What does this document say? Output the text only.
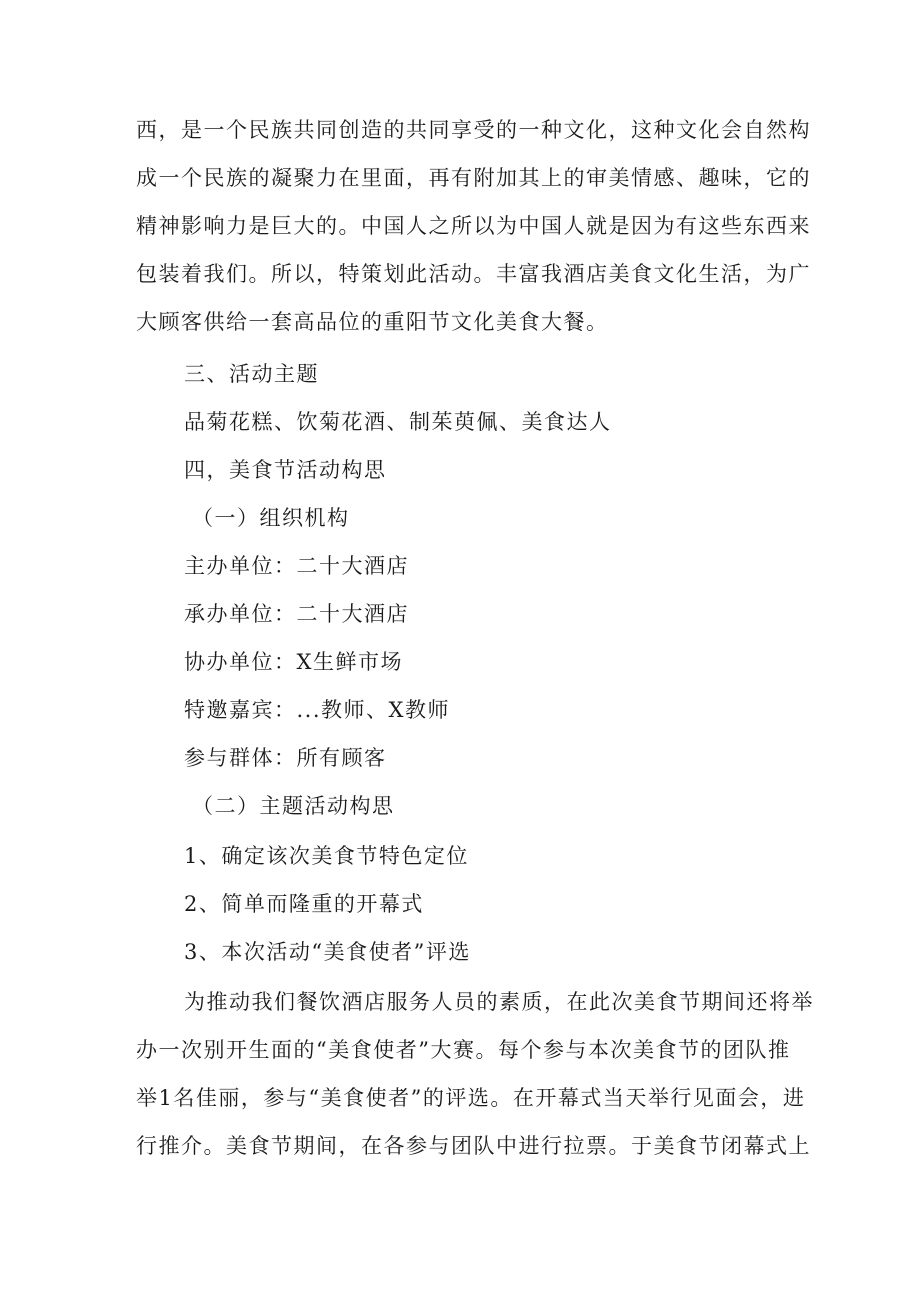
西，是一个民族共同创造的共同享受的一种文化，这种文化会自然构
成一个民族的凝聚力在里面，再有附加其上的审美情感、趣味，它的
精神影响力是巨大的。中国人之所以为中国人就是因为有这些东西来
包装着我们。所以，特策划此活动。丰富我酒店美食文化生活，为广
大顾客供给一套高品位的重阳节文化美食大餐。
三、活动主题
品菊花糕、饮菊花酒、制茱萸佩、美食达人
四，美食节活动构思
（一）组织机构
主办单位：二十大酒店
承办单位：二十大酒店
协办单位：X生鲜市场
特邀嘉宾：...教师、X教师
参与群体：所有顾客
（二）主题活动构思
1、确定该次美食节特色定位
2、简单而隆重的开幕式
3、本次活动“美食使者”评选
为推动我们餐饮酒店服务人员的素质，在此次美食节期间还将举
办一次别开生面的“美食使者”大赛。每个参与本次美食节的团队推
举1名佳丽，参与“美食使者”的评选。在开幕式当天举行见面会，进
行推介。美食节期间，在各参与团队中进行拉票。于美食节闭幕式上
